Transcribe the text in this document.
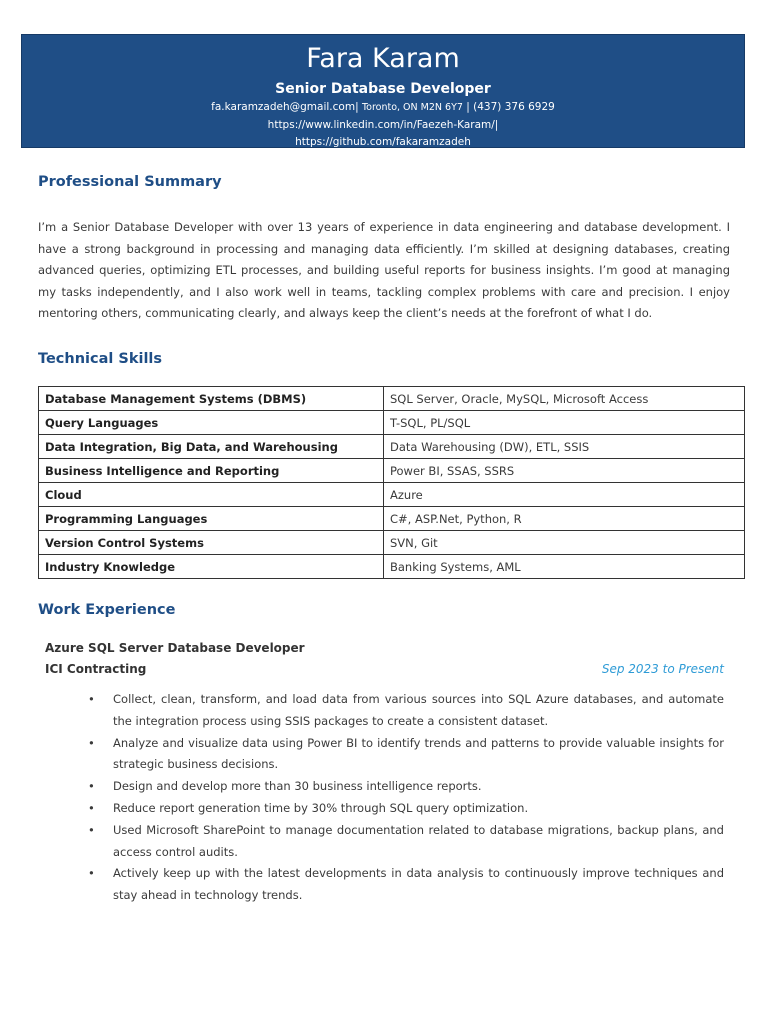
Fara Karam
Senior Database Developer
fa.karamzadeh@gmail.com| Toronto, ON M2N 6Y7 | (437) 376 6929
https://www.linkedin.com/in/Faezeh-Karam/|
https://github.com/fakaramzadeh
Professional Summary
I’m a Senior Database Developer with over 13 years of experience in data engineering and database development. I have a strong background in processing and managing data efficiently. I’m skilled at designing databases, creating advanced queries, optimizing ETL processes, and building useful reports for business insights. I’m good at managing my tasks independently, and I also work well in teams, tackling complex problems with care and precision. I enjoy mentoring others, communicating clearly, and always keep the client’s needs at the forefront of what I do.
Technical Skills
Database Management Systems (DBMS)	SQL Server, Oracle, MySQL, Microsoft Access
Query Languages	T-SQL, PL/SQL
Data Integration, Big Data, and Warehousing	Data Warehousing (DW), ETL, SSIS
Business Intelligence and Reporting	Power BI, SSAS, SSRS
Cloud	Azure
Programming Languages	C#, ASP.Net, Python, R
Version Control Systems	SVN, Git
Industry Knowledge	Banking Systems, AML
Work Experience
Azure SQL Server Database Developer
ICI Contracting	Sep 2023 to Present
• Collect, clean, transform, and load data from various sources into SQL Azure databases, and automate the integration process using SSIS packages to create a consistent dataset.
• Analyze and visualize data using Power BI to identify trends and patterns to provide valuable insights for strategic business decisions.
• Design and develop more than 30 business intelligence reports.
• Reduce report generation time by 30% through SQL query optimization.
• Used Microsoft SharePoint to manage documentation related to database migrations, backup plans, and access control audits.
• Actively keep up with the latest developments in data analysis to continuously improve techniques and stay ahead in technology trends.
